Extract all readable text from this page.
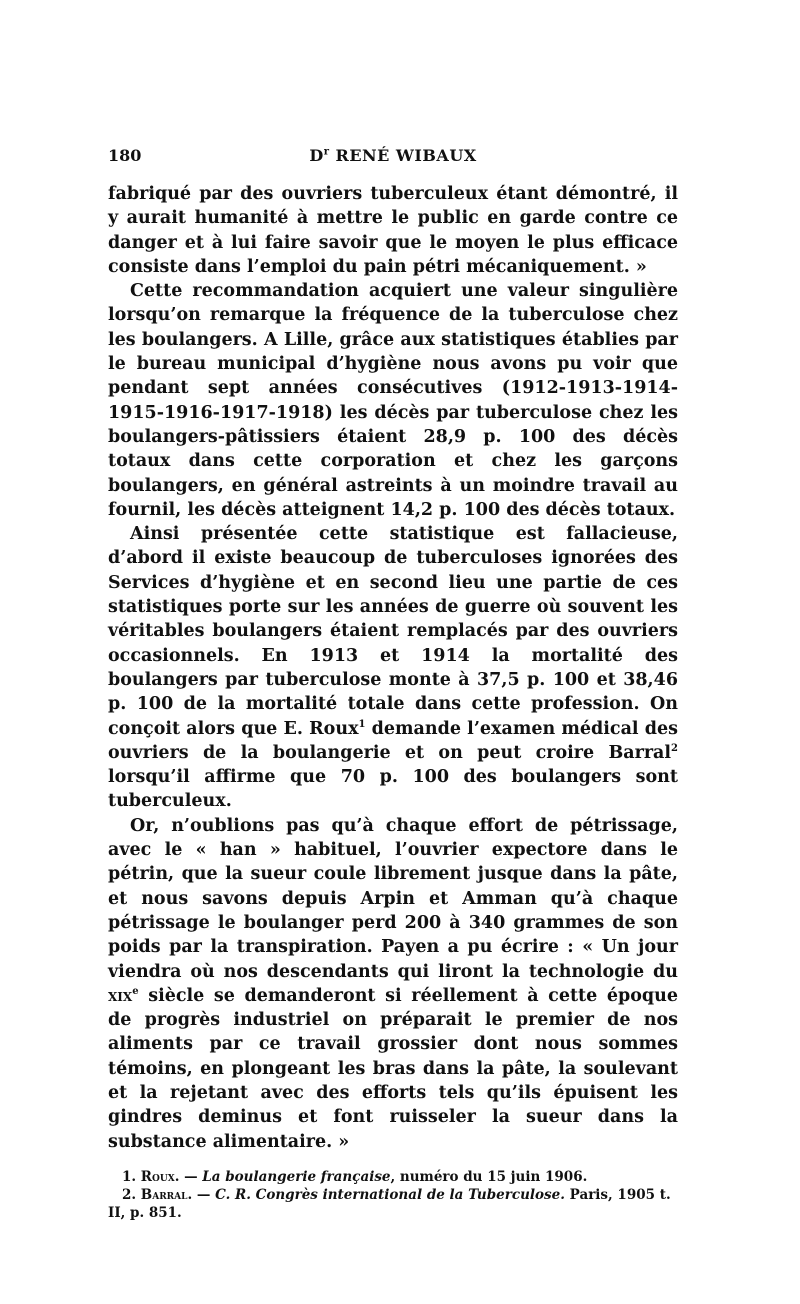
180	$D^r$ RENÉ WIBAUX

fabriqué par des ouvriers tuberculeux étant démontré, il y aurait humanité à mettre le public en garde contre ce danger et à lui faire savoir que le moyen le plus efficace consiste dans l’emploi du pain pétri mécaniquement. »

Cette recommandation acquiert une valeur singulière lorsqu’on remarque la fréquence de la tuberculose chez les boulangers. A Lille, grâce aux statistiques établies par le bureau municipal d’hygiène nous avons pu voir que pendant sept années consécutives (1912-1913-1914-1915-1916-1917-1918) les décès par tuberculose chez les boulangers-pâtissiers étaient 28,9 p. 100 des décès totaux dans cette corporation et chez les garçons boulangers, en général astreints à un moindre travail au fournil, les décès atteignent 14,2 p. 100 des décès totaux.

Ainsi présentée cette statistique est fallacieuse, d’abord il existe beaucoup de tuberculoses ignorées des Services d’hygiène et en second lieu une partie de ces statistiques porte sur les années de guerre où souvent les véritables boulangers étaient remplacés par des ouvriers occasionnels. En 1913 et 1914 la mortalité des boulangers par tuberculose monte à 37,5 p. 100 et 38,46 p. 100 de la mortalité totale dans cette profession. On conçoit alors que E. Roux$^1$ demande l’examen médical des ouvriers de la boulangerie et on peut croire Barral$^2$ lorsqu’il affirme que 70 p. 100 des boulangers sont tuberculeux.

Or, n’oublions pas qu’à chaque effort de pétrissage, avec le « han » habituel, l’ouvrier expectore dans le pétrin, que la sueur coule librement jusque dans la pâte, et nous savons depuis Arpin et Amman qu’à chaque pétrissage le boulanger perd 200 à 340 grammes de son poids par la transpiration. Payen a pu écrire : « Un jour viendra où nos descendants qui liront la technologie du xix$^e$ siècle se demanderont si réellement à cette époque de progrès industriel on préparait le premier de nos aliments par ce travail grossier dont nous sommes témoins, en plongeant les bras dans la pâte, la soulevant et la rejetant avec des efforts tels qu’ils épuisent les gindres deminus et font ruisseler la sueur dans la substance alimentaire. »

1. Roux. — La boulangerie française, numéro du 15 juin 1906.

2. Barral. — C. R. Congrès international de la Tuberculose. Paris, 1905 t. II, p. 851.
